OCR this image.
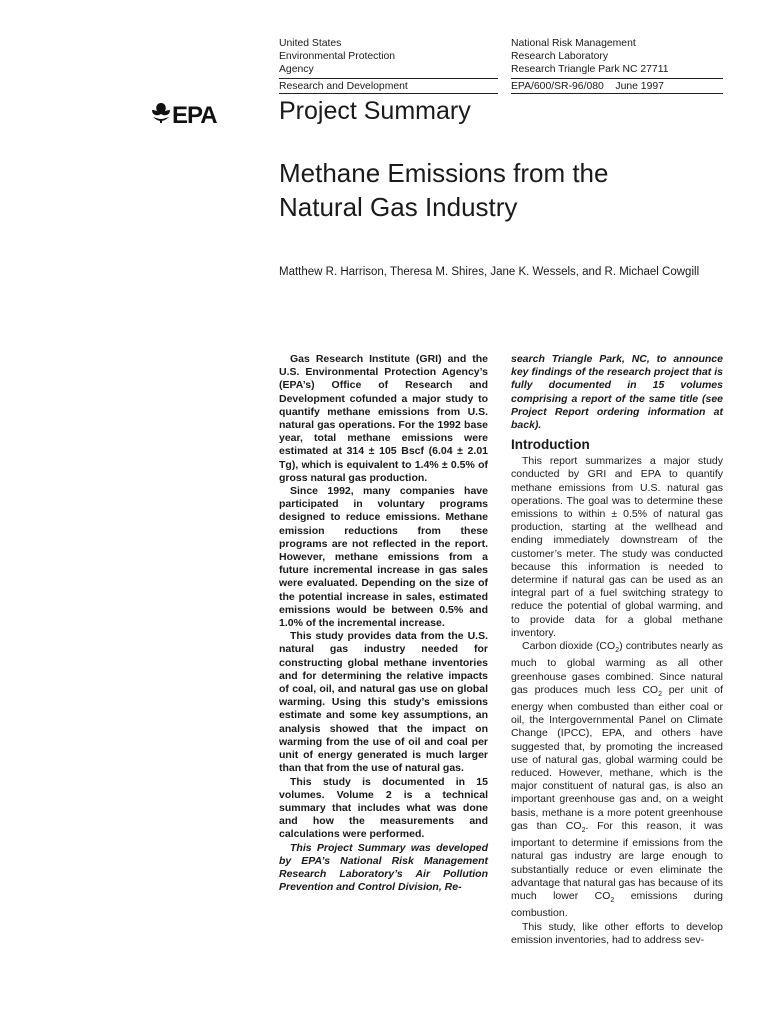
United States
Environmental Protection
Agency
Research and Development
National Risk Management
Research Laboratory
Research Triangle Park NC 27711
EPA/600/SR-96/080 June 1997
EPA Project Summary
Methane Emissions from the
Natural Gas Industry
Matthew R. Harrison, Theresa M. Shires, Jane K. Wessels, and R. Michael Cowgill

Gas Research Institute (GRI) and the U.S. Environmental Protection Agency’s (EPA’s) Office of Research and Development cofunded a major study to quantify methane emissions from U.S. natural gas operations. For the 1992 base year, total methane emissions were estimated at 314 ± 105 Bscf (6.04 ± 2.01 Tg), which is equivalent to 1.4% ± 0.5% of gross natural gas production.

Since 1992, many companies have participated in voluntary programs designed to reduce emissions. Methane emission reductions from these programs are not reflected in the report. However, methane emissions from a future incremental increase in gas sales were evaluated. Depending on the size of the potential increase in sales, estimated emissions would be between 0.5% and 1.0% of the incremental increase.

This study provides data from the U.S. natural gas industry needed for constructing global methane inventories and for determining the relative impacts of coal, oil, and natural gas use on global warming. Using this study’s emissions estimate and some key assumptions, an analysis showed that the impact on warming from the use of oil and coal per unit of energy generated is much larger than that from the use of natural gas.

This study is documented in 15 volumes. Volume 2 is a technical summary that includes what was done and how the measurements and calculations were performed.

This Project Summary was developed by EPA’s National Risk Management Research Laboratory’s Air Pollution Prevention and Control Division, Re-

search Triangle Park, NC, to announce key findings of the research project that is fully documented in 15 volumes comprising a report of the same title (see Project Report ordering information at back).

Introduction

This report summarizes a major study conducted by GRI and EPA to quantify methane emissions from U.S. natural gas operations. The goal was to determine these emissions to within ± 0.5% of natural gas production, starting at the wellhead and ending immediately downstream of the customer’s meter. The study was conducted because this information is needed to determine if natural gas can be used as an integral part of a fuel switching strategy to reduce the potential of global warming, and to provide data for a global methane inventory.

Carbon dioxide $(CO_2)$ contributes nearly as much to global warming as all other greenhouse gases combined. Since natural gas produces much less $CO_2$ per unit of energy when combusted than either coal or oil, the Intergovernmental Panel on Climate Change (IPCC), EPA, and others have suggested that, by promoting the increased use of natural gas, global warming could be reduced. However, methane, which is the major constituent of natural gas, is also an important greenhouse gas and, on a weight basis, methane is a more potent greenhouse gas than $CO_2$. For this reason, it was important to determine if emissions from the natural gas industry are large enough to substantially reduce or even eliminate the advantage that natural gas has because of its much lower $CO_2$ emissions during combustion.

This study, like other efforts to develop emission inventories, had to address sev-
